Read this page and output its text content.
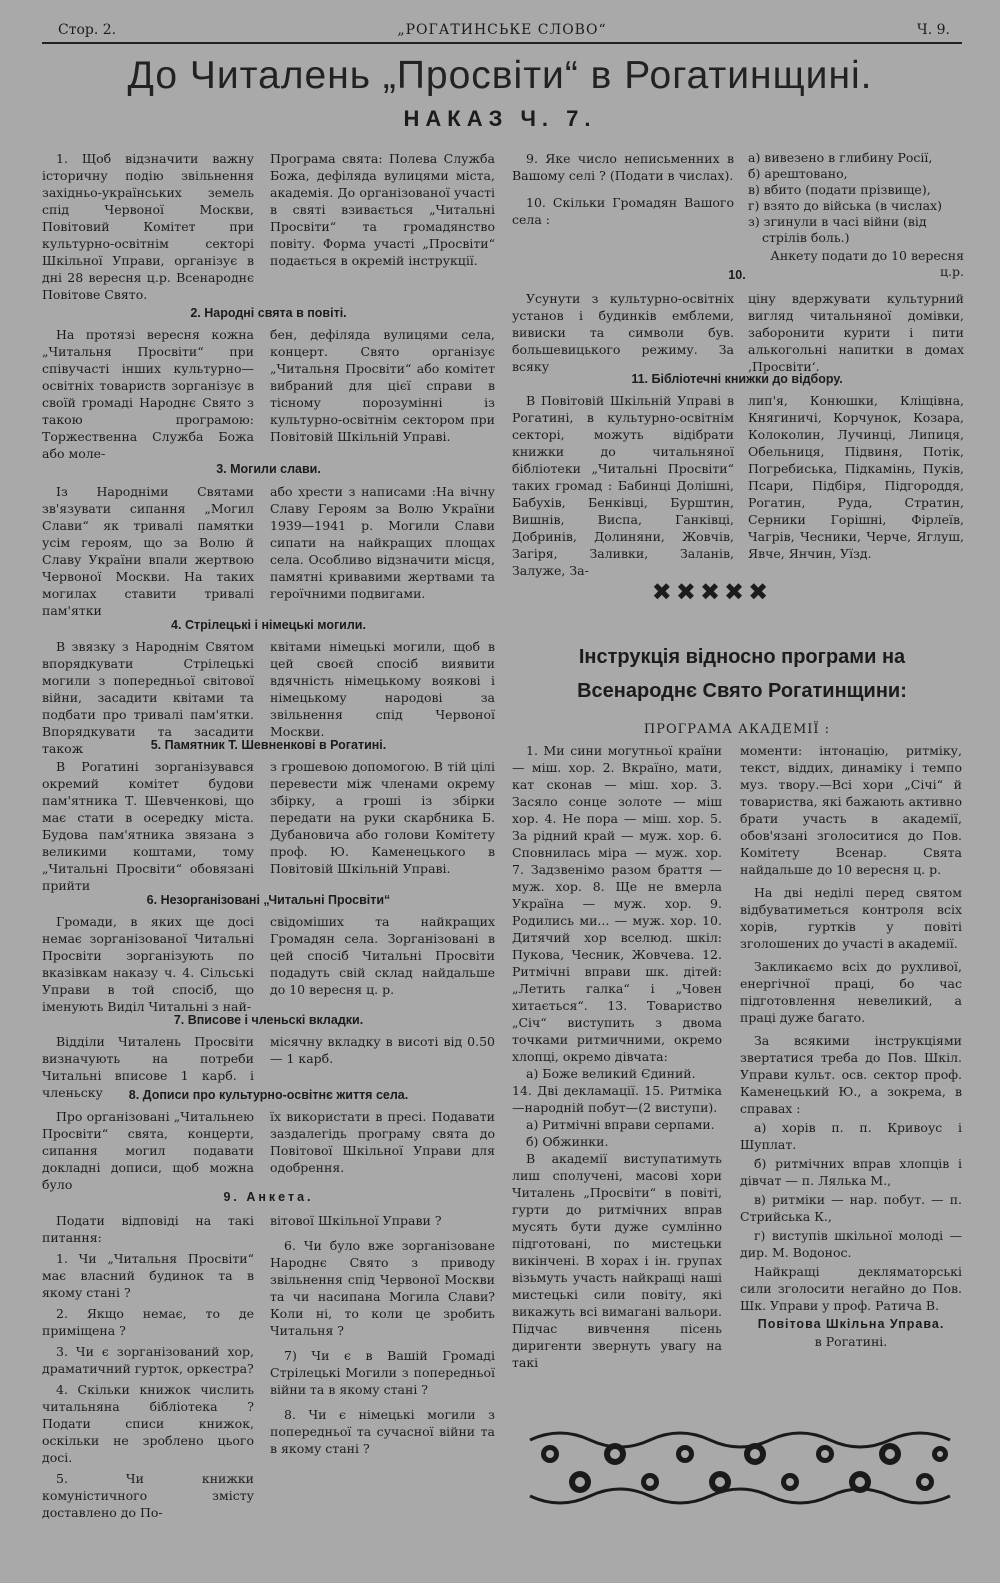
Стор. 2.	„РОГАТИНСЬКЕ СЛОВО“	Ч. 9.
До Читалень „Просвіти“ в Рогатинщині.
НАКАЗ Ч. 7.

1. Щоб відзначити важну історичну подію звільнення західньо-українських земель спід Червоної Москви, Повітовий Комітет при культурно-освітнім секторі Шкільної Управи, організує в дні 28 вересня ц.р. Всенароднє Повітове Свято.

Програма свята: Полева Служба Божа, дефіляда вулицями міста, академія. До організованої участі в святі взивається „Читальні Просвіти“ та громадянство повіту. Форма участі „Просвіти“ подається в окремій інструкції.

2. Народні свята в повіті.

На протязі вересня кожна „Читальня Просвіти“ при співучасті інших культурно—освітніх товариств зорганізує в своїй громаді Народнє Свято з такою програмою: Торжественна Служба Божа або моле-

бен, дефіляда вулицями села, концерт. Свято організує „Читальня Просвіти“ або комітет вибраний для цієї справи в тісному порозумінні із культурно-освітнім сектором при Повітовій Шкільній Управі.

3. Могили слави.

Із Народніми Святами зв'язувати сипання „Могил Слави“ як тривалі памятки усім героям, що за Волю й Славу України впали жертвою Червоної Москви. На таких могилах ставити тривалі пам'ятки

або хрести з написами :На вічну Славу Героям за Волю України 1939—1941 р. Могили Слави сипати на найкращих площах села. Особливо відзначити місця, памятні кривавими жертвами та героїчними подвигами.

4. Стрілецькі і німецькі могили.

В звязку з Народнім Святом впорядкувати Стрілецькі могили з попередньої світової війни, засадити квітами та подбати про тривалі пам'ятки. Впорядкувати та засадити також

квітами німецькі могили, щоб в цей своєй спосіб виявити вдячність німецькому воякові і німецькому народові за звільнення спід Червоної Москви.

5. Памятник Т. Шевненкові в Рогатині.

В Рогатині зорганізувався окремий комітет будови пам'ятника Т. Шевченкові, що має стати в осередку міста. Будова пам'ятника звязана з великими коштами, тому „Читальні Просвіти“ обовязані прийти

з грошевою допомогою. В тій цілі перевести між членами окрему збірку, а гроші із збірки передати на руки скарбника Б. Дубановича або голови Комітету проф. Ю. Каменецького в Повітовій Шкільній Управі.

6. Незорганізовані „Читальні Просвіти“

Громади, в яких ще досі немає зорганізованої Читальні Просвіти зорганізують по вказівкам наказу ч. 4. Сільські Управи в той спосіб, що іменують Виділ Читальні з най-

свідоміших та найкращих Громадян села. Зорганізовані в цей спосіб Читальні Просвіти подадуть свій склад найдальше до 10 вересня ц. р.

7. Вписове і членьскі вкладки.

Відділи Читалень Просвіти визначують на потреби Читальні вписове 1 карб. і членьску

місячну вкладку в висоті від 0.50— 1 карб.

8. Дописи про культурно-освітнє життя села.

Про організовані „Читальнею Просвіти“ свята, концерти, сипання могил подавати докладні дописи, щоб можна було

їх використати в пресі. Подавати заздалегідь програму свята до Повітової Шкільної Управи для одобрення.

9. Анкета.

Подати відповіді на такі питання:

1. Чи „Читальня Просвіти“ має власний будинок та в якому стані ?

2. Якщо немає, то де приміщена ?

3. Чи є зорганізований хор, драматичний гурток, оркестра?

4. Скільки книжок числить читальняна бібліотека ? Подати списи книжок, оскільки не зроблено цього досі.

5. Чи книжки комуністичного змісту доставлено до По-

вітової Шкільної Управи ?

6. Чи було вже зорганізоване Народнє Свято з приводу звільнення спід Червоної Москви та чи насипана Могила Слави? Коли ні, то коли це зробить Читальня ?

7) Чи є в Вашій Громаді Стрілецькі Могили з попередньої війни та в якому стані ?

8. Чи є німецькі могили з попередньої та сучасної війни та в якому стані ?

9. Яке число неписьменних в Вашому селі ? (Подати в числах).

10. Скільки Громадян Вашого села :

а) вивезено в глибину Росії,

б) арештовано,

в) вбито (подати прізвище),

г) взято до війська (в числах)

з) згинули в часі війни (від стрілів боль.)

Анкету подати до 10 вересня ц.р.

10.

Усунути з культурно-освітніх установ і будинків емблеми, вивиски та символи був. большевицького режиму. За всяку

ціну вдержувати культурний вигляд читальняної домівки, заборонити курити і пити алькогольні напитки в домах ‚Просвіти‘.

11. Бібліотечні книжки до відбору.

В Повітовій Шкільній Управі в Рогатині, в культурно-освітнім секторі, можуть відібрати книжки до читальняної бібліотеки „Читальні Просвіти“ таких громад : Бабинці Долішні, Бабухів, Бенківці, Бурштин, Вишнів, Виспа, Ганківці, Добринів, Долиняни, Жовчів, Загіря, Заливки, Заланів, Залуже, За-

лип'я, Конюшки, Кліщівна, Княгиничі, Корчунок, Козара, Колоколин, Лучинці, Липиця, Обельниця, Підвиня, Потік, Погребиська, Підкамінь, Пуків, Псари, Підбіря, Підгороддя, Рогатин, Руда, Стратин, Серники Горішні, Фірлеїв, Чагрів, Чесники, Черче, Яглуш, Явче, Янчин, Уїзд.

✖✖✖✖✖
Інструкція відносно програми на
Всенароднє Свято Рогатинщини:
ПРОГРАМА АКАДЕМІЇ :

1. Ми сини могутньої країни — міш. хор. 2. Вкраїно, мати, кат сконав — міш. хор. 3. Засяло сонце золоте — міш хор. 4. Не пора — міш. хор. 5. За рідний край — муж. хор. 6. Сповнилась міра — муж. хор. 7. Задзвенімо разом браття — муж. хор. 8. Ще не вмерла Україна — муж. хор. 9. Родились ми... — муж. хор. 10. Дитячий хор вселюд. шкіл: Пукова, Чесник, Жовчева. 12. Ритмічні вправи шк. дітей: „Летить галка“ і „Човен хитається“. 13. Товариство „Січ“ виступить з двома точками ритмичними, окремо хлопці, окремо дівчата:

а) Боже великий Єдиний.

14. Дві декламації. 15. Ритміка —народній побут—(2 виступи).

а) Ритмічні вправи серпами.

б) Обжинки.

В академії виступатимуть лиш сполучені, масові хори Читалень „Просвіти“ в повіті, гурти до ритмічних вправ мусять бути дуже сумлінно підготовані, по мистецьки викінчені. В хорах і ін. групах візьмуть участь найкращі наші мистецькі сили повіту, які викажуть всі вимагані вальори. Підчас вивчення пісень диригенти звернуть увагу на такі

моменти: інтонацію, ритміку, текст, віддих, динаміку і темпо муз. твору.—Всі хори „Січі“ й товариства, які бажають активно брати участь в академії, обов'язані зголоситися до Пов. Комітету Всенар. Свята найдальше до 10 вересня ц. р.

На дві неділі перед святом відбуватиметься контроля всіх хорів, гуртків у повіті зголошених до участі в академії.

Закликаємо всіх до рухливої, енергічної праці, бо час підготовлення невеликий, а праці дуже багато.

За всякими інструкціями звертатися треба до Пов. Шкіл. Управи культ. осв. сектор проф. Каменецький Ю., а зокрема, в справах :

а) хорів п. п. Кривоус і Шуплат.

б) ритмічних вправ хлопців і дівчат — п. Лялька М.,

в) ритміки — нар. побут. — п. Стрийська К.,

г) виступів шкільної молоді — дир. М. Водонос.

Найкращі декляматорські сили зголосити негайно до Пов. Шк. Управи у проф. Ратича В.

Повітова Шкільна Управа.

в Рогатині.
